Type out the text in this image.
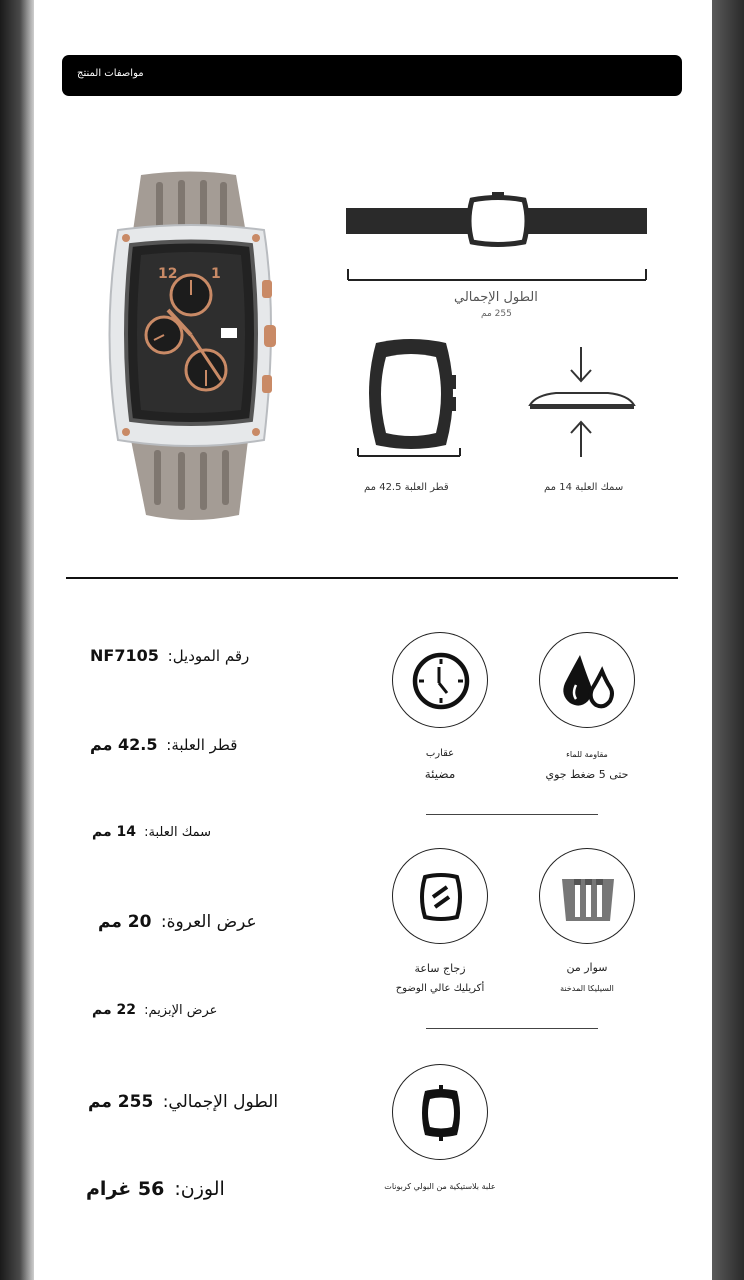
مواصفات المنتج
12 1
الطول الإجمالي
255 مم
قطر العلبة 42.5 مم	سمك العلبة 14 مم
رقم الموديل: NF7105
قطر العلبة: 42.5 مم
سمك العلبة: 14 مم
عرض العروة: 20 مم
عرض الإبزيم: 22 مم
الطول الإجمالي: 255 مم
الوزن: 56 غرام
عقارب
مضيئة
مقاومة للماء
حتى 5 ضغط جوي
زجاج ساعة
أكريليك عالي الوضوح
سوار من
السيليكا المدخنة
علبة بلاستيكية من البولي كربونات
